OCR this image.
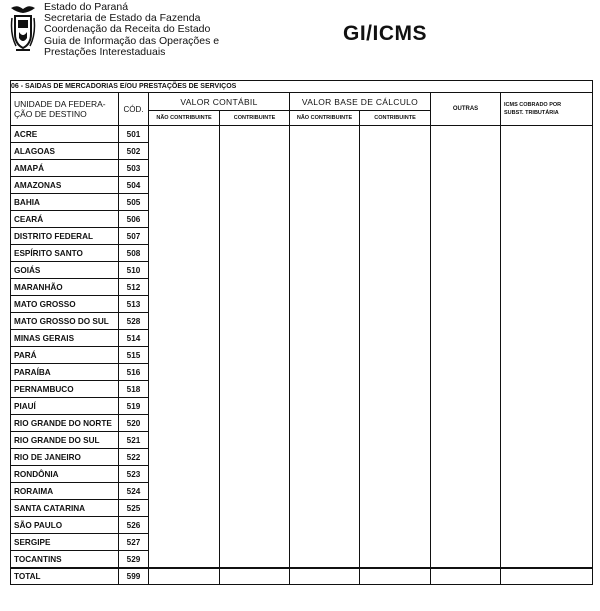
Estado do Paraná
Secretaria de Estado da Fazenda
Coordenação da Receita do Estado
Guia de Informação das Operações e
Prestações Interestaduais
GI/ICMS
06 - SAIDAS DE MERCADORIAS E/OU PRESTAÇÕES DE SERVIÇOS							
UNIDADE DA FEDERA-
ÇÃO DE DESTINO	CÓD.	VALOR CONTÁBIL		VALOR BASE DE CÁLCULO		OUTRAS	ICMS COBRADO POR
SUBST. TRIBUTÁRIA
		NÃO CONTRIBUINTE	CONTRIBUINTE	NÃO CONTRIBUINTE	CONTRIBUINTE		
ACRE	501						
ALAGOAS	502						
AMAPÁ	503						
AMAZONAS	504						
BAHIA	505						
CEARÁ	506						
DISTRITO FEDERAL	507						
ESPÍRITO SANTO	508						
GOIÁS	510						
MARANHÃO	512						
MATO GROSSO	513						
MATO GROSSO DO SUL	528						
MINAS GERAIS	514						
PARÁ	515						
PARAÍBA	516						
PERNAMBUCO	518						
PIAUÍ	519						
RIO GRANDE DO NORTE	520						
RIO GRANDE DO SUL	521						
RIO DE JANEIRO	522						
RONDÔNIA	523						
RORAIMA	524						
SANTA CATARINA	525						
SÃO PAULO	526						
SERGIPE	527						
TOCANTINS	529						
TOTAL	599						
